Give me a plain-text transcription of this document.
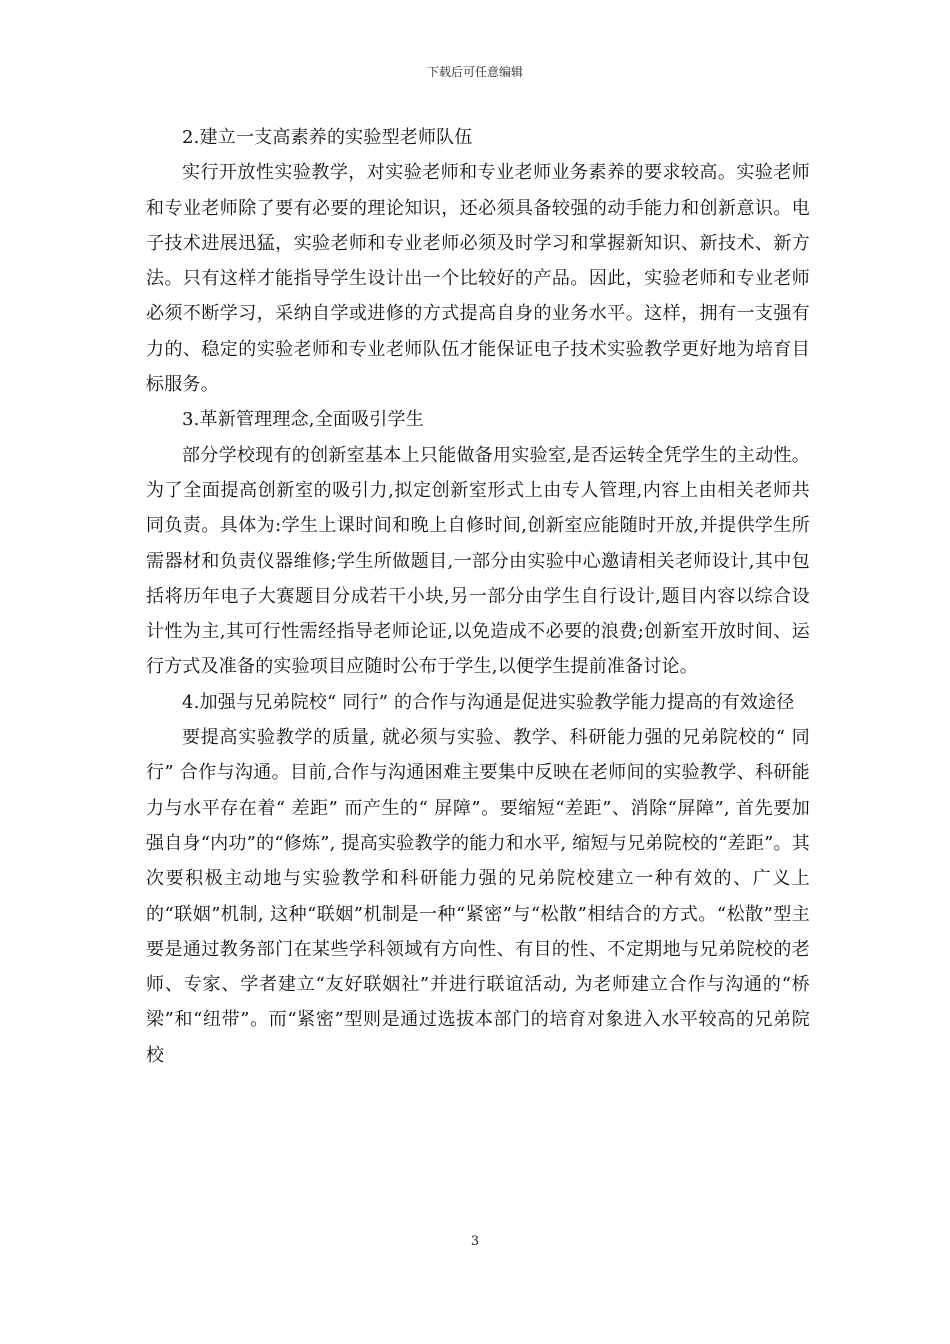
下载后可任意编辑

2.建立一支高素养的实验型老师队伍

实行开放性实验教学，对实验老师和专业老师业务素养的要求较高。实验老师和专业老师除了要有必要的理论知识，还必须具备较强的动手能力和创新意识。电子技术进展迅猛，实验老师和专业老师必须及时学习和掌握新知识、新技术、新方法。只有这样才能指导学生设计出一个比较好的产品。因此，实验老师和专业老师必须不断学习，采纳自学或进修的方式提高自身的业务水平。这样，拥有一支强有力的、稳定的实验老师和专业老师队伍才能保证电子技术实验教学更好地为培育目标服务。

3.革新管理理念,全面吸引学生

部分学校现有的创新室基本上只能做备用实验室,是否运转全凭学生的主动性。为了全面提高创新室的吸引力,拟定创新室形式上由专人管理,内容上由相关老师共同负责。具体为:学生上课时间和晚上自修时间,创新室应能随时开放,并提供学生所需器材和负责仪器维修;学生所做题目,一部分由实验中心邀请相关老师设计,其中包括将历年电子大赛题目分成若干小块,另一部分由学生自行设计,题目内容以综合设计性为主,其可行性需经指导老师论证,以免造成不必要的浪费;创新室开放时间、运行方式及准备的实验项目应随时公布于学生,以便学生提前准备讨论。

4.加强与兄弟院校“ 同行” 的合作与沟通是促进实验教学能力提高的有效途径

要提高实验教学的质量, 就必须与实验、教学、科研能力强的兄弟院校的“ 同行” 合作与沟通。目前,合作与沟通困难主要集中反映在老师间的实验教学、科研能力与水平存在着“ 差距” 而产生的“ 屏障”。要缩短“差距”、消除“屏障”, 首先要加强自身“内功”的“修炼”, 提高实验教学的能力和水平, 缩短与兄弟院校的“差距”。其次要积极主动地与实验教学和科研能力强的兄弟院校建立一种有效的、广义上的“联姻”机制, 这种“联姻”机制是一种“紧密”与“松散”相结合的方式。“松散”型主要是通过教务部门在某些学科领域有方向性、有目的性、不定期地与兄弟院校的老师、专家、学者建立“友好联姻社”并进行联谊活动, 为老师建立合作与沟通的“桥梁”和“纽带”。而“紧密”型则是通过选拔本部门的培育对象进入水平较高的兄弟院校

3
